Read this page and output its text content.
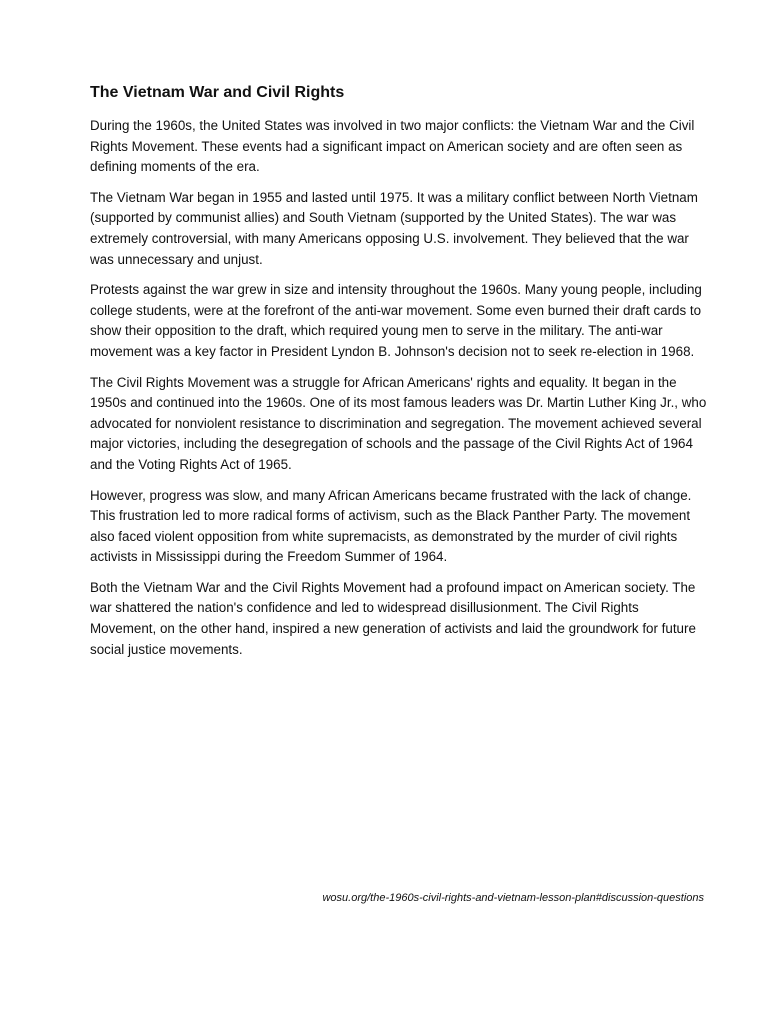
The Vietnam War and Civil Rights

During the 1960s, the United States was involved in two major conflicts: the Vietnam War and the Civil Rights Movement. These events had a significant impact on American society and are often seen as defining moments of the era.

The Vietnam War began in 1955 and lasted until 1975. It was a military conflict between North Vietnam (supported by communist allies) and South Vietnam (supported by the United States). The war was extremely controversial, with many Americans opposing U.S. involvement. They believed that the war was unnecessary and unjust.

Protests against the war grew in size and intensity throughout the 1960s. Many young people, including college students, were at the forefront of the anti-war movement. Some even burned their draft cards to show their opposition to the draft, which required young men to serve in the military. The anti-war movement was a key factor in President Lyndon B. Johnson's decision not to seek re-election in 1968.

The Civil Rights Movement was a struggle for African Americans' rights and equality. It began in the 1950s and continued into the 1960s. One of its most famous leaders was Dr. Martin Luther King Jr., who advocated for nonviolent resistance to discrimination and segregation. The movement achieved several major victories, including the desegregation of schools and the passage of the Civil Rights Act of 1964 and the Voting Rights Act of 1965.

However, progress was slow, and many African Americans became frustrated with the lack of change. This frustration led to more radical forms of activism, such as the Black Panther Party. The movement also faced violent opposition from white supremacists, as demonstrated by the murder of civil rights activists in Mississippi during the Freedom Summer of 1964.

Both the Vietnam War and the Civil Rights Movement had a profound impact on American society. The war shattered the nation's confidence and led to widespread disillusionment. The Civil Rights Movement, on the other hand, inspired a new generation of activists and laid the groundwork for future social justice movements.

wosu.org/the-1960s-civil-rights-and-vietnam-lesson-plan#discussion-questions
